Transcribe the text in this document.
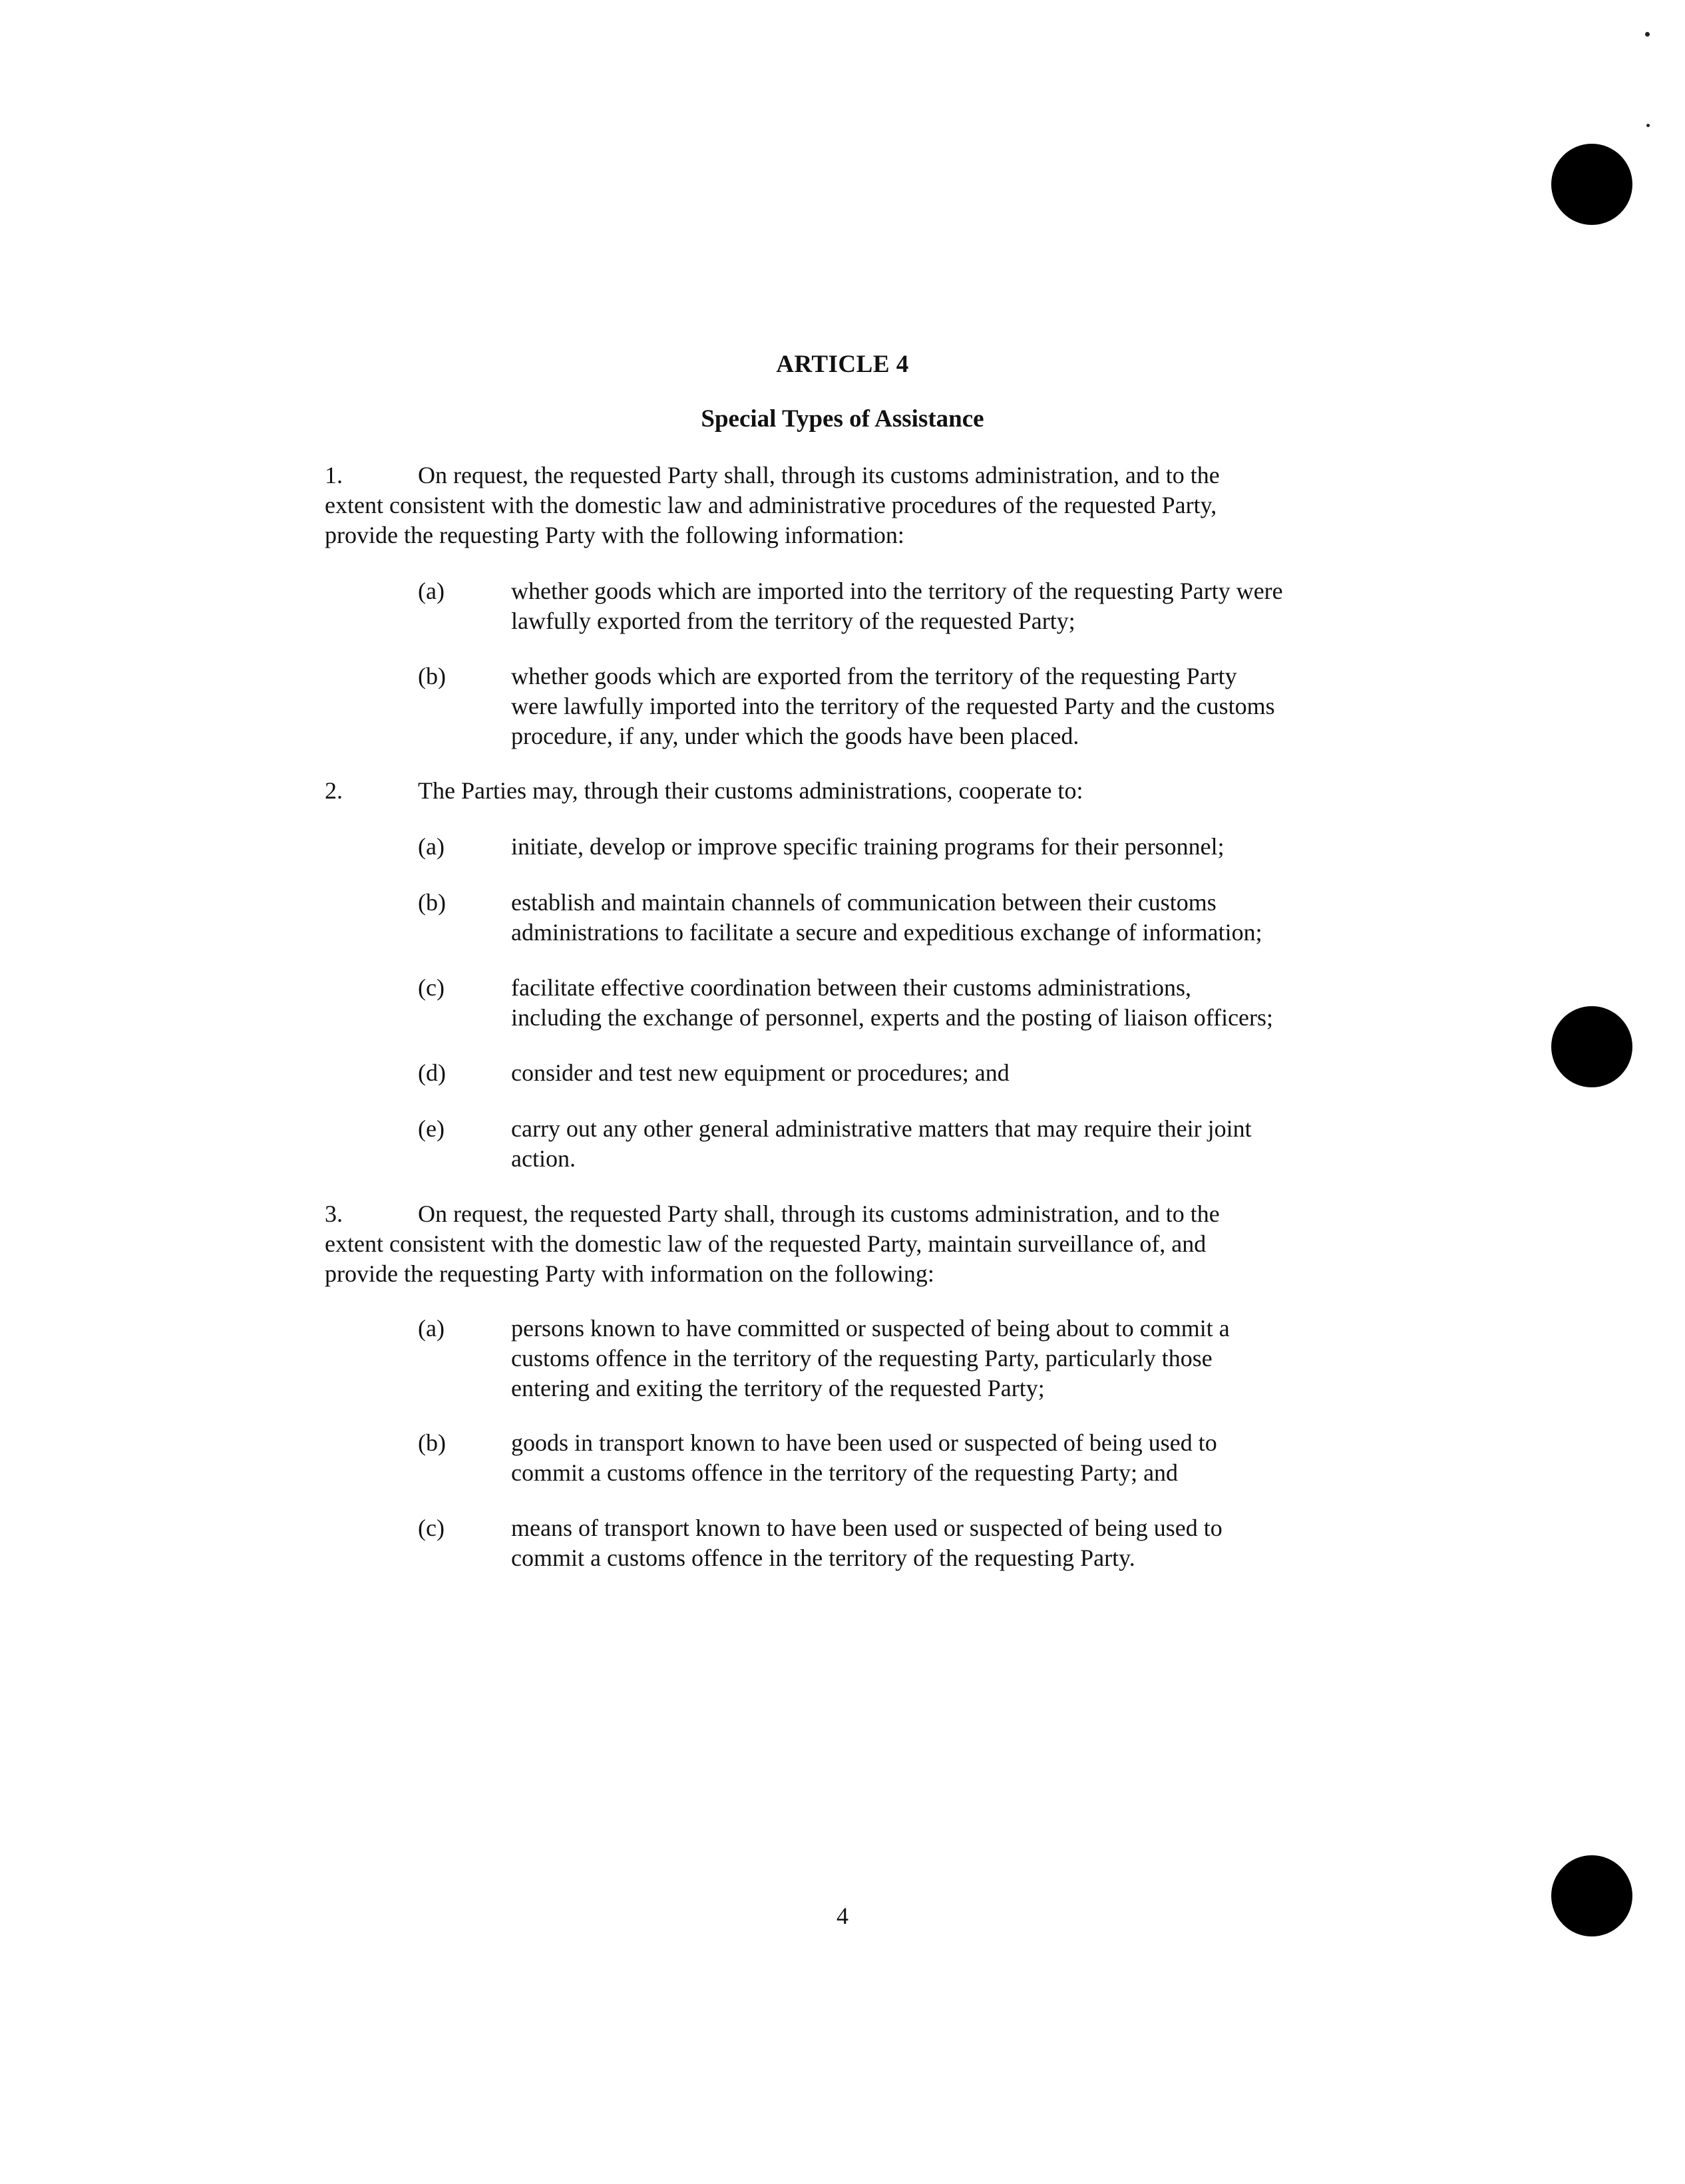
ARTICLE 4
Special Types of Assistance
1.	On request, the requested Party shall, through its customs administration, and to the
extent consistent with the domestic law and administrative procedures of the requested Party,
provide the requesting Party with the following information:
(a)	whether goods which are imported into the territory of the requesting Party were
lawfully exported from the territory of the requested Party;
(b)	whether goods which are exported from the territory of the requesting Party
were lawfully imported into the territory of the requested Party and the customs
procedure, if any, under which the goods have been placed.
2.	The Parties may, through their customs administrations, cooperate to:
(a)	initiate, develop or improve specific training programs for their personnel;
(b)	establish and maintain channels of communication between their customs
administrations to facilitate a secure and expeditious exchange of information;
(c)	facilitate effective coordination between their customs administrations,
including the exchange of personnel, experts and the posting of liaison officers;
(d)	consider and test new equipment or procedures; and
(e)	carry out any other general administrative matters that may require their joint
action.
3.	On request, the requested Party shall, through its customs administration, and to the
extent consistent with the domestic law of the requested Party, maintain surveillance of, and
provide the requesting Party with information on the following:
(a)	persons known to have committed or suspected of being about to commit a
customs offence in the territory of the requesting Party, particularly those
entering and exiting the territory of the requested Party;
(b)	goods in transport known to have been used or suspected of being used to
commit a customs offence in the territory of the requesting Party; and
(c)	means of transport known to have been used or suspected of being used to
commit a customs offence in the territory of the requesting Party.
4
